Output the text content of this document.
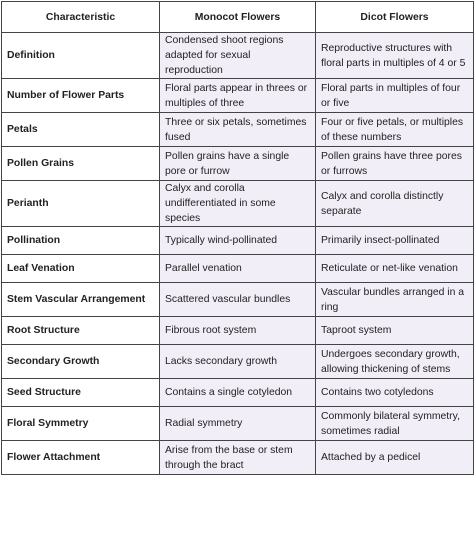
Characteristic	Monocot Flowers	Dicot Flowers
Definition	Condensed shoot regions adapted for sexual reproduction	Reproductive structures with floral parts in multiples of 4 or 5
Number of Flower Parts	Floral parts appear in threes or multiples of three	Floral parts in multiples of four or five
Petals	Three or six petals, sometimes fused	Four or five petals, or multiples of these numbers
Pollen Grains	Pollen grains have a single pore or furrow	Pollen grains have three pores or furrows
Perianth	Calyx and corolla undifferentiated in some species	Calyx and corolla distinctly separate
Pollination	Typically wind-pollinated	Primarily insect-pollinated
Leaf Venation	Parallel venation	Reticulate or net-like venation
Stem Vascular Arrangement	Scattered vascular bundles	Vascular bundles arranged in a ring
Root Structure	Fibrous root system	Taproot system
Secondary Growth	Lacks secondary growth	Undergoes secondary growth, allowing thickening of stems
Seed Structure	Contains a single cotyledon	Contains two cotyledons
Floral Symmetry	Radial symmetry	Commonly bilateral symmetry, sometimes radial
Flower Attachment	Arise from the base or stem through the bract	Attached by a pedicel
